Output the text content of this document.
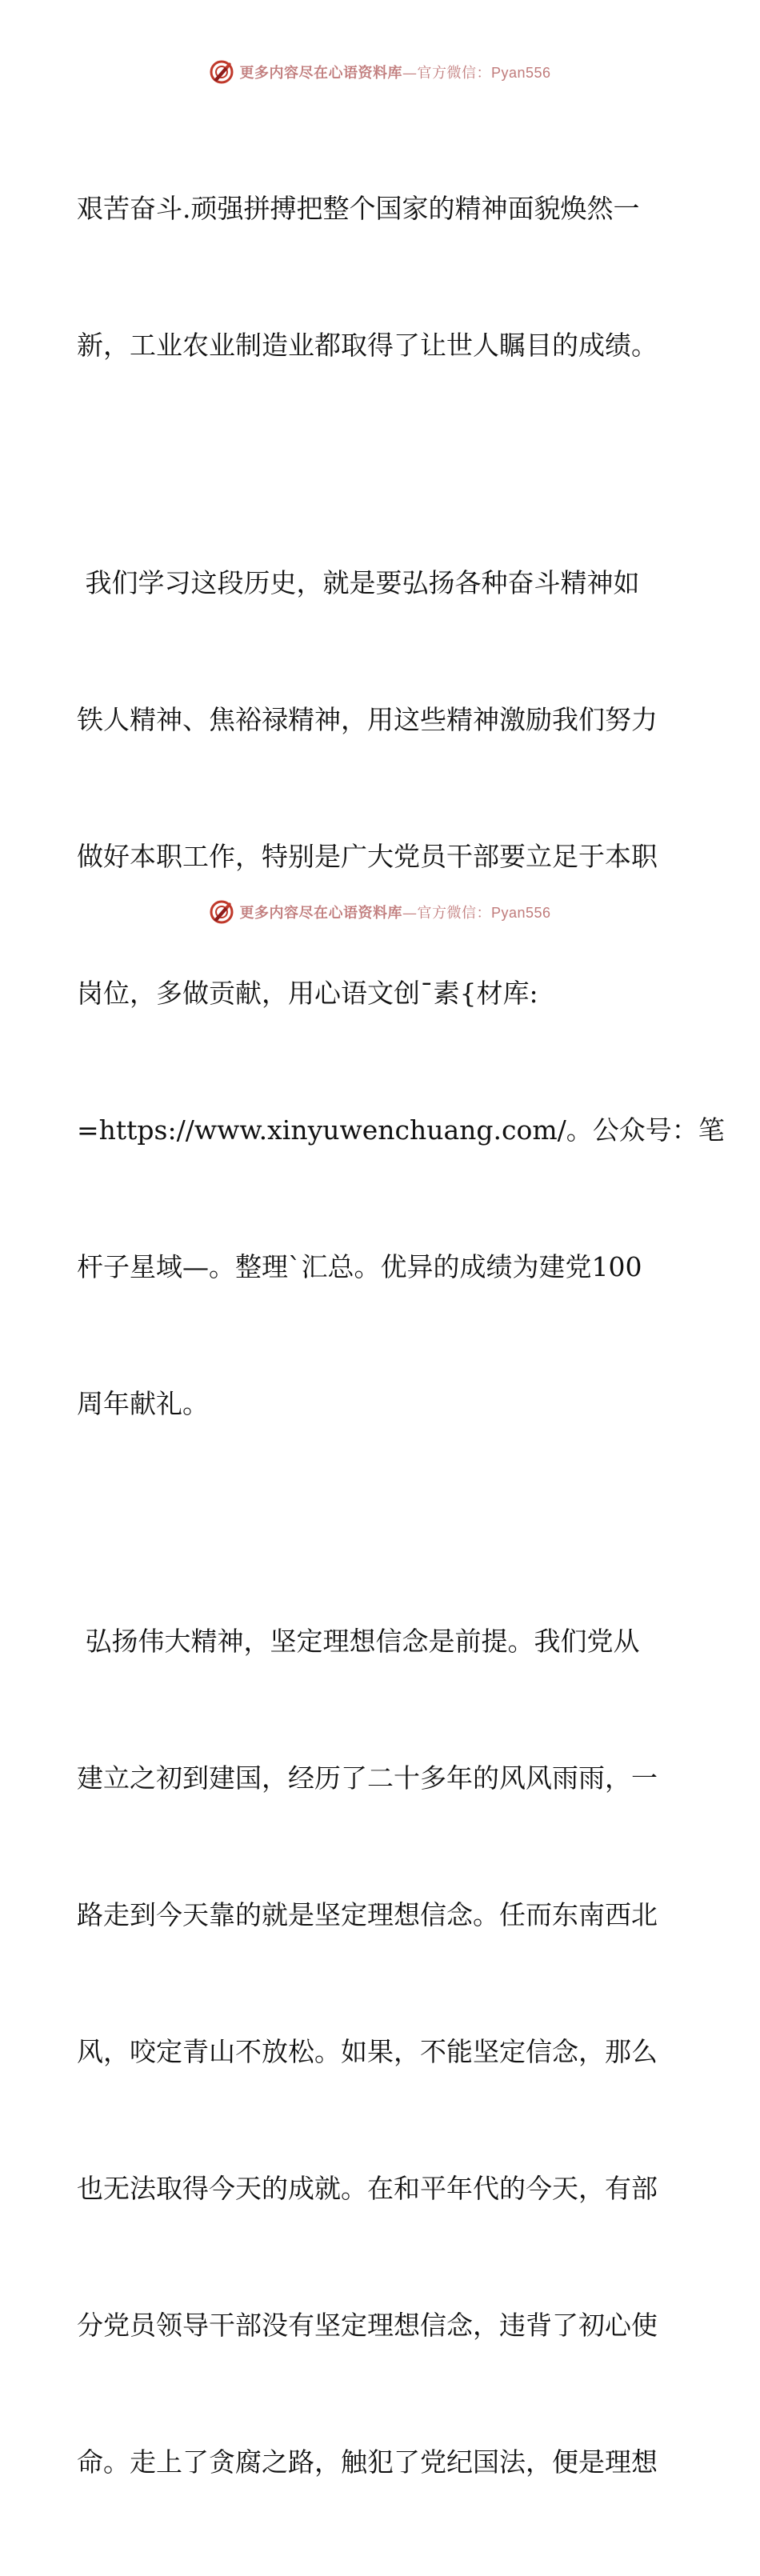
更多内容尽在心语资料库—官方微信：Pyan556

艰苦奋斗.顽强拼搏把整个国家的精神面貌焕然一

新，工业农业制造业都取得了让世人瞩目的成绩。

我们学习这段历史，就是要弘扬各种奋斗精神如

铁人精神、焦裕禄精神，用这些精神激励我们努力

做好本职工作，特别是广大党员干部要立足于本职

岗位，多做贡献，用心语文创¯素{材库:

=https://www.xinyuwenchuang.com/。公众号：笔

杆子星域—。整理`汇总。优异的成绩为建党100

周年献礼。

弘扬伟大精神，坚定理想信念是前提。我们党从

建立之初到建国，经历了二十多年的风风雨雨，一

路走到今天靠的就是坚定理想信念。任而东南西北

风，咬定青山不放松。如果，不能坚定信念，那么

也无法取得今天的成就。在和平年代的今天，有部

分党员领导干部没有坚定理想信念，违背了初心使

命。走上了贪腐之路，触犯了党纪国法，便是理想

更多内容尽在心语资料库—官方微信：Pyan556
